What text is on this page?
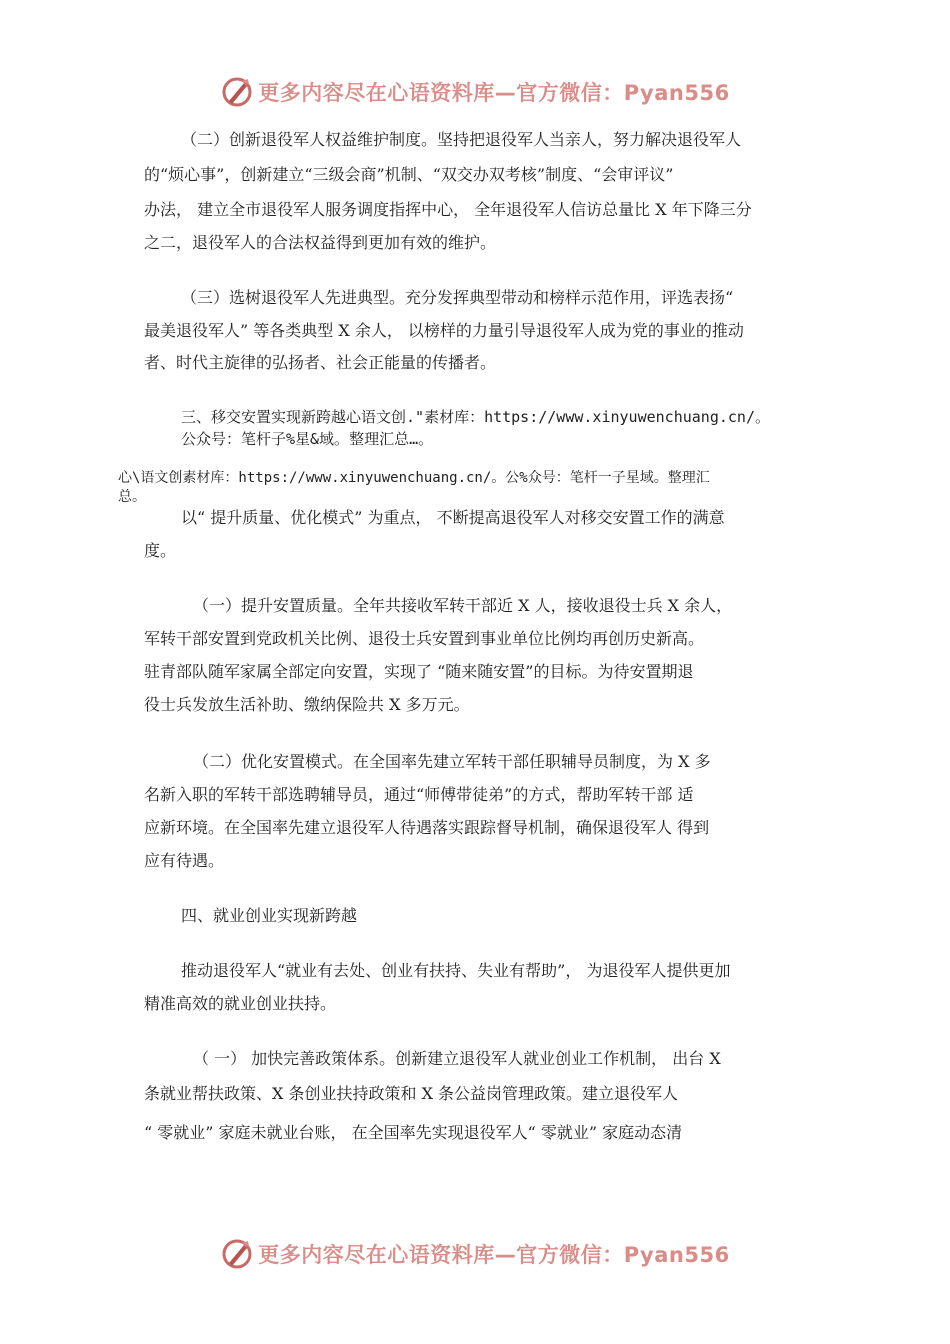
更多内容尽在心语资料库—官方微信：Pyan556
（二）创新退役军人权益维护制度。坚持把退役军人当亲人，努力解决退役军人
的“烦心事”，创新建立“三级会商”机制、“双交办双考核”制度、“会审评议”
办法， 建立全市退役军人服务调度指挥中心， 全年退役军人信访总量比 X 年下降三分
之二，退役军人的合法权益得到更加有效的维护。
（三）选树退役军人先进典型。充分发挥典型带动和榜样示范作用，评选表扬“
最美退役军人” 等各类典型 X 余人， 以榜样的力量引导退役军人成为党的事业的推动
者、时代主旋律的弘扬者、社会正能量的传播者。
三、移交安置实现新跨越心语文创."素材库：https://www.xinyuwenchuang.cn/。
公众号：笔杆子%星&域。整理汇总…。
心\语文创素材库：https://www.xinyuwenchuang.cn/。公%众号：笔杆一子星域。整理汇
总。
以“ 提升质量、优化模式” 为重点， 不断提高退役军人对移交安置工作的满意
度。
（一）提升安置质量。全年共接收军转干部近 X 人，接收退役士兵 X 余人，
军转干部安置到党政机关比例、退役士兵安置到事业单位比例均再创历史新高。
驻青部队随军家属全部定向安置，实现了 “随来随安置”的目标。为待安置期退
役士兵发放生活补助、缴纳保险共 X 多万元。
（二）优化安置模式。在全国率先建立军转干部任职辅导员制度，为 X 多
名新入职的军转干部选聘辅导员，通过“师傅带徒弟”的方式，帮助军转干部 适
应新环境。在全国率先建立退役军人待遇落实跟踪督导机制，确保退役军人 得到
应有待遇。
四、就业创业实现新跨越
推动退役军人“就业有去处、创业有扶持、失业有帮助”， 为退役军人提供更加
精准高效的就业创业扶持。
（ 一） 加快完善政策体系。创新建立退役军人就业创业工作机制， 出台 X
条就业帮扶政策、X 条创业扶持政策和 X 条公益岗管理政策。建立退役军人
“ 零就业” 家庭未就业台账， 在全国率先实现退役军人“ 零就业” 家庭动态清
更多内容尽在心语资料库—官方微信：Pyan556
